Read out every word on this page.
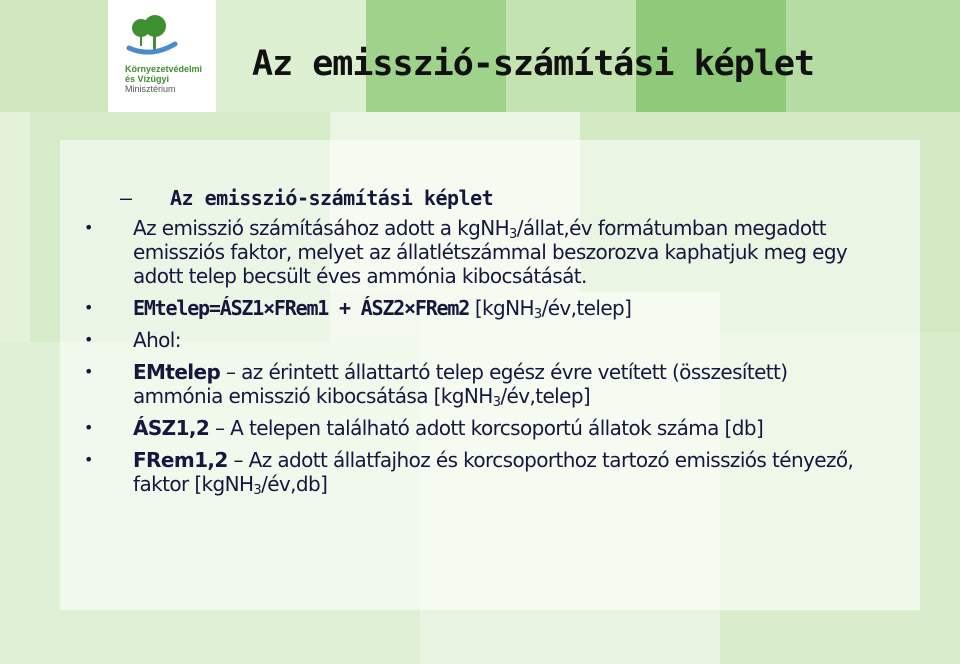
Környezetvédelmi
és Vízügyi
Minisztérium
Az emisszió-számítási képlet
– Az emisszió-számítási képlet
• Az emisszió számításához adott a kgNH$_3$/állat,év formátumban megadott emissziós faktor, melyet az állatlétszámmal beszorozva kaphatjuk meg egy adott telep becsült éves ammónia kibocsátását.
• EMtelep=ÁSZ1×FRem1 + ÁSZ2×FRem2 [kgNH$_3$/év,telep]
• Ahol:
• EMtelep – az érintett állattartó telep egész évre vetített (összesített) ammónia emisszió kibocsátása [kgNH$_3$/év,telep]
• ÁSZ1,2 – A telepen található adott korcsoportú állatok száma [db]
• FRem1,2 – Az adott állatfajhoz és korcsoporthoz tartozó emissziós tényező, faktor [kgNH$_3$/év,db]
